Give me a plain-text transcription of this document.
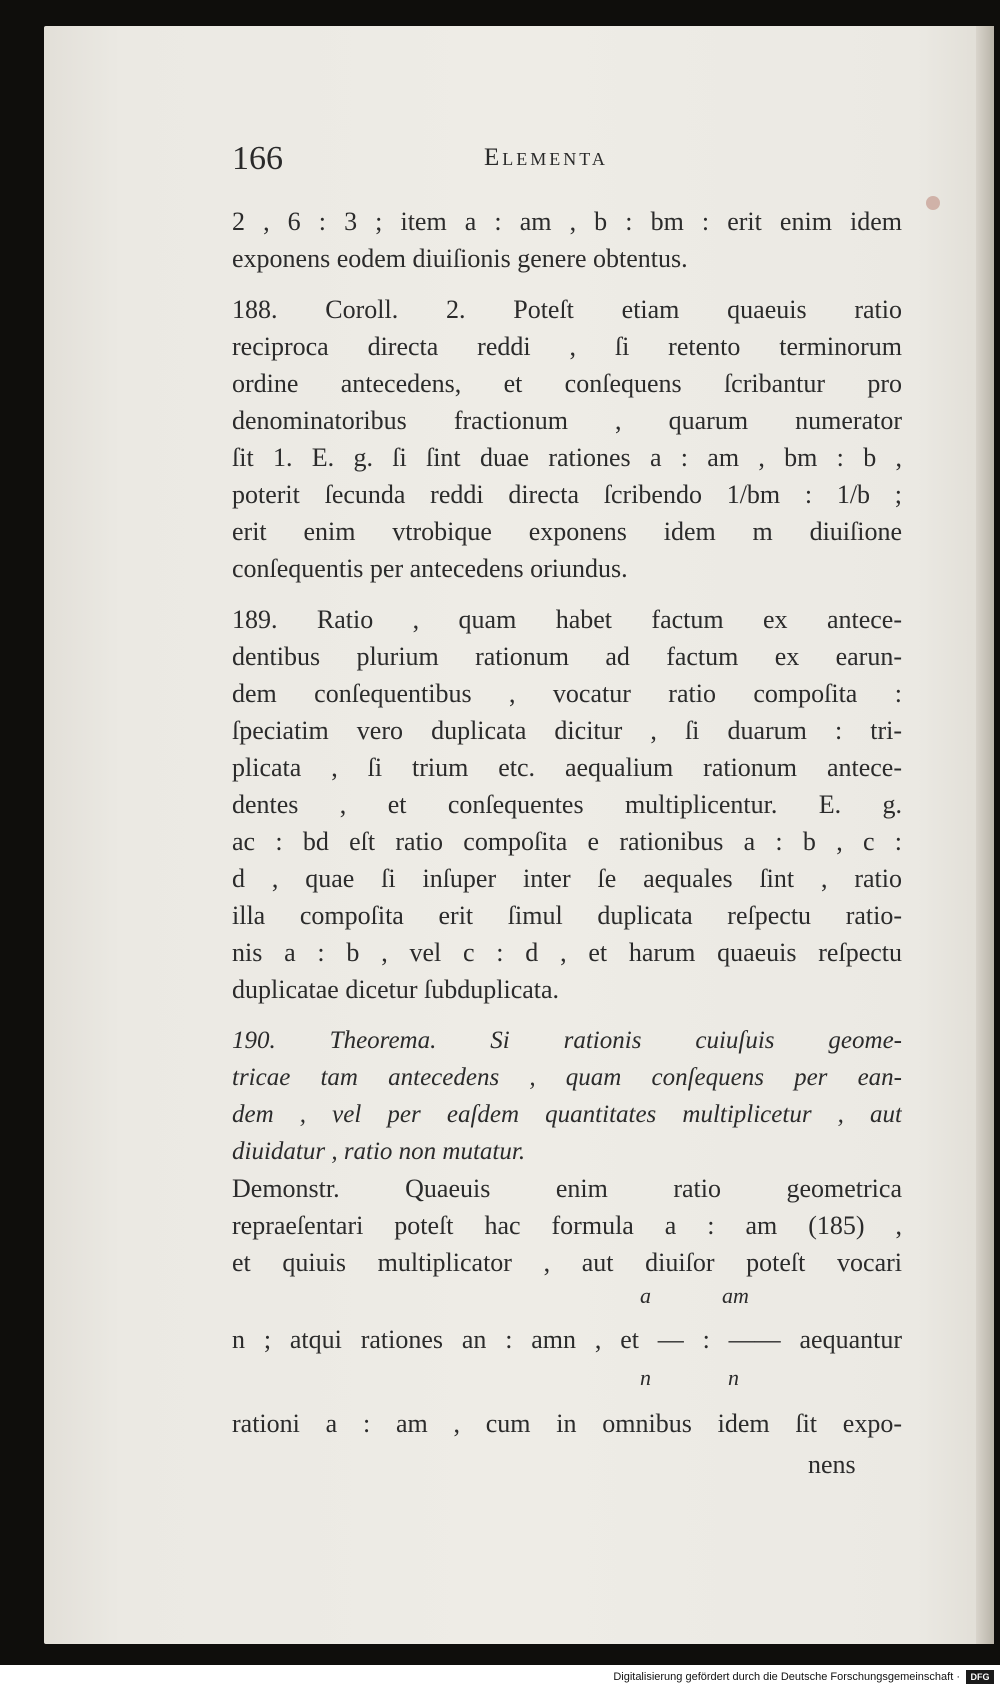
166	Elementa
2 , 6 : 3 ; item a : am , b : bm : erit enim idem
exponens eodem diuiſionis genere obtentus.
188. Coroll. 2. Poteſt etiam quaeuis ratio
reciproca directa reddi , ſi retento terminorum
ordine antecedens, et conſequens ſcribantur pro
denominatoribus fractionum , quarum numerator
ſit 1. E. g. ſi ſint duae rationes a : am , bm : b ,
poterit ſecunda reddi directa ſcribendo 1/bm : 1/b ;
erit enim vtrobique exponens idem m diuiſione
conſequentis per antecedens oriundus.
189. Ratio , quam habet factum ex antece-
dentibus plurium rationum ad factum ex earun-
dem conſequentibus , vocatur ratio compoſita :
ſpeciatim vero duplicata dicitur , ſi duarum : tri-
plicata , ſi trium etc. aequalium rationum antece-
dentes , et conſequentes multiplicentur. E. g.
ac : bd eſt ratio compoſita e rationibus a : b , c :
d , quae ſi inſuper inter ſe aequales ſint , ratio
illa compoſita erit ſimul duplicata reſpectu ratio-
nis a : b , vel c : d , et harum quaeuis reſpectu
duplicatae dicetur ſubduplicata.
190. Theorema. Si rationis cuiuſuis geome-
tricae tam antecedens , quam conſequens per ean-
dem , vel per eaſdem quantitates multiplicetur , aut
diuidatur , ratio non mutatur.
Demonstr. Quaeuis enim ratio geometrica
repraeſentari poteſt hac formula a : am (185) ,
et quiuis multiplicator , aut diuiſor poteſt vocari
a	am
n ; atqui rationes an : amn , et — : —— aequantur
n	n
rationi a : am , cum in omnibus idem ſit expo-
nens
Digitalisierung gefördert durch die Deutsche Forschungsgemeinschaft ·	DFG
